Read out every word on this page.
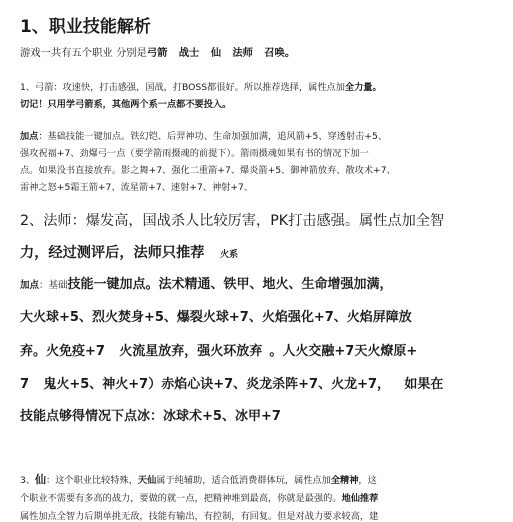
1、职业技能解析
游戏一共有五个职业 分别是弓箭 战士 仙 法师 召唤。
1、弓箭：攻速快，打击感强，国战，打BOSS都很好。所以推荐选择，属性点加全力量。
切记！只用学弓箭系，其他两个系一点都不要投入。
加点：基础技能一键加点。铁幻铠、后羿神功、生命加强加满，追风箭+5、穿透射击+5、
强攻祝福+7、劲爆弓一点（要学箭雨摄魂的前提下）。箭雨摄魂如果有书的情况下加一
点。如果没书直接放弃。影之舞+7、强化二重箭+7、爆炎箭+5、御神箭放弃、散攻术+7、
雷神之怒+5霜王箭+7、流星箭+7、速射+7、神射+7、
2、法师：爆发高，国战杀人比较厉害，PK打击感强。属性点加全智
力，经过测评后，法师只推荐 火系
加点：基础技能一键加点。法术精通、铁甲、地火、生命增强加满，
大火球+5、烈火焚身+5、爆裂火球+7、火焰强化+7、火焰屏障放
弃。火免疫+7 火流星放弃，强火环放弃 。人火交融+7天火燎原+
7 鬼火+5、神火+7）赤焰心诀+7、炎龙杀阵+7、火龙+7， 如果在
技能点够得情况下点冰：冰球术+5、冰甲+7
3、仙：这个职业比较特殊，天仙属于纯辅助，适合低消费群体玩，属性点加全精神，这
个职业不需要有多高的战力，要做的就一点，把精神堆到最高，你就是最强的。地仙推荐
属性加点全智力后期单挑无敌，技能有输出，有控制，有回复。但是对战力要求较高，建
